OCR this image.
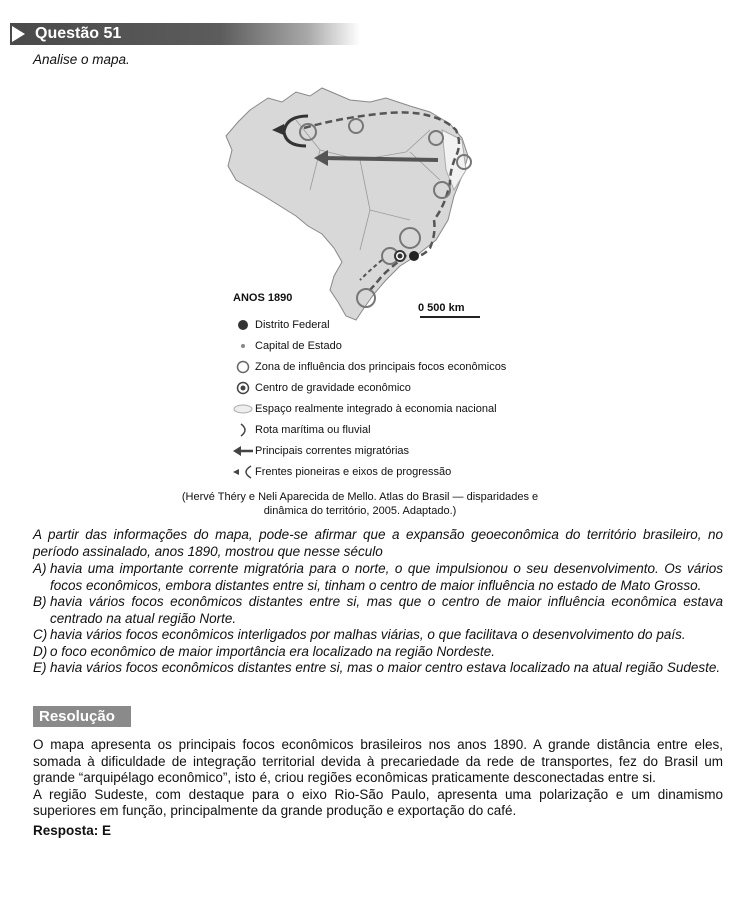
Questão 51
Analise o mapa.
0 500 km
ANOS 1890
Distrito Federal
Capital de Estado
Zona de influência dos principais focos econômicos
Centro de gravidade econômico
Espaço realmente integrado à economia nacional
Rota marítima ou fluvial
Principais correntes migratórias
Frentes pioneiras e eixos de progressão
(Hervé Théry e Neli Aparecida de Mello. Atlas do Brasil — disparidades e
dinâmica do território, 2005. Adaptado.)
A partir das informações do mapa, pode-se afirmar que a expansão geoeconômica do território brasileiro, no período assinalado, anos 1890, mostrou que nesse século
A) havia uma importante corrente migratória para o norte, o que impulsionou o seu desenvolvimento. Os vários focos econômicos, embora distantes entre si, tinham o centro de maior influência no estado de Mato Grosso.
B) havia vários focos econômicos distantes entre si, mas que o centro de maior influência econômica estava centrado na atual região Norte.
C) havia vários focos econômicos interligados por malhas viárias, o que facilitava o desenvolvimento do país.
D) o foco econômico de maior importância era localizado na região Nordeste.
E) havia vários focos econômicos distantes entre si, mas o maior centro estava localizado na atual região Sudeste.
Resolução
O mapa apresenta os principais focos econômicos brasileiros nos anos 1890. A grande distância entre eles, somada à dificuldade de integração territorial devida à precariedade da rede de transportes, fez do Brasil um grande “arquipélago econômico”, isto é, criou regiões econômicas praticamente desconectadas entre si.
A região Sudeste, com destaque para o eixo Rio-São Paulo, apresenta uma polarização e um dinamismo superiores em função, principalmente da grande produção e exportação do café.
Resposta: E
